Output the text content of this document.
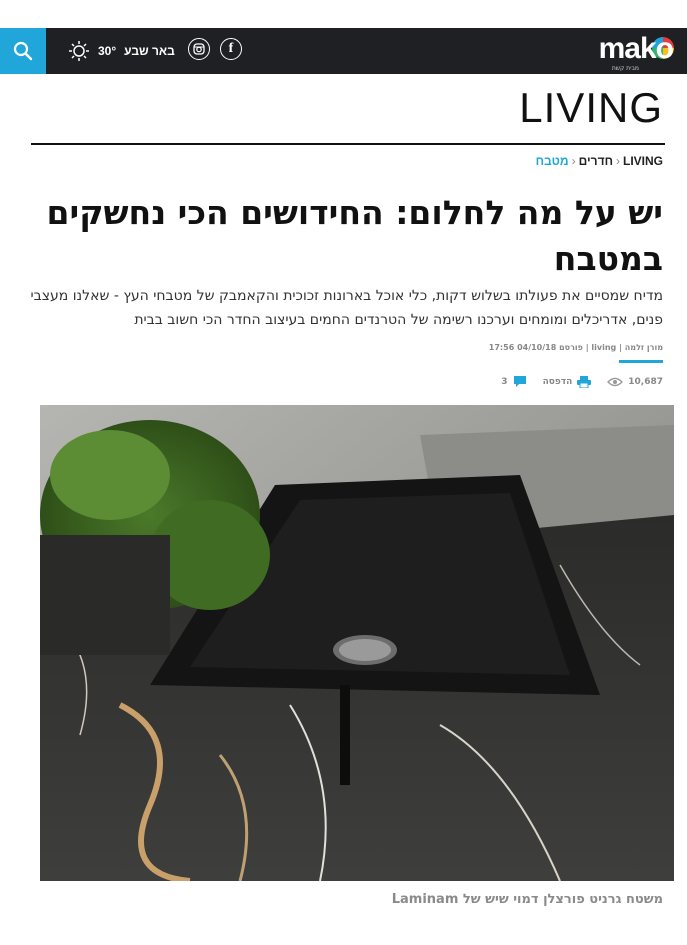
30° באר שבע	f	mako
מבית קשת
LIVING
LIVING‹חדרים‹מטבח
יש על מה לחלום: החידושים הכי נחשקים במטבח

מדיח שמסיים את פעולתו בשלוש דקות, כלי אוכל בארונות זכוכית והקאמבק של מטבחי העץ - שאלנו מעצבי פנים, אדריכלים ומומחים וערכנו רשימה של הטרנדים החמים בעיצוב החדר הכי חשוב בבית

מורן זלמה | living | פורסם 04/10/18 17:56
10,687
הדפסה
3
משטח גרניט פורצלן דמוי שיש של Laminam
